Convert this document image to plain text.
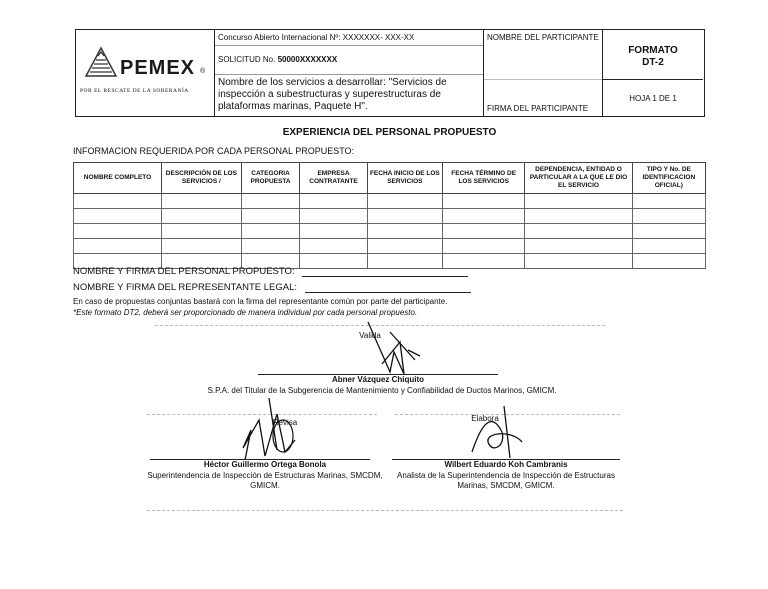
PEMEX ®
POR EL RESCATE DE LA SOBERANÍA
Concurso Abierto Internacional Nº: XXXXXXX- XXX-XX
SOLICITUD No. 50000XXXXXXX
Nombre de los servicios a desarrollar: "Servicios de inspección a subestructuras y superestructuras de plataformas marinas, Paquete H".
NOMBRE DEL PARTICIPANTE
FIRMA DEL PARTICIPANTE
FORMATO
DT-2
HOJA 1 DE 1
EXPERIENCIA DEL PERSONAL PROPUESTO
INFORMACION REQUERIDA POR CADA PERSONAL PROPUESTO:
NOMBRE COMPLETO	DESCRIPCIÓN DE LOS SERVICIOS /	CATEGORIA PROPUESTA	EMPRESA CONTRATANTE	FECHA INICIO DE LOS SERVICIOS	FECHA TÉRMINO DE LOS SERVICIOS	DEPENDENCIA, ENTIDAD O PARTICULAR A LA QUE LE DIO EL SERVICIO	TIPO Y No. DE IDENTIFICACION OFICIAL)

NOMBRE Y FIRMA DEL PERSONAL PROPUESTO:
NOMBRE Y FIRMA DEL REPRESENTANTE LEGAL:
En caso de propuestas conjuntas bastará con la firma del representante común por parte del participante.
*Este formato DT2, deberá ser proporcionado de manera individual por cada personal propuesto.
Valida
Abner Vázquez Chiquito
S.P.A. del Titular de la Subgerencia de Mantenimiento y Confiabilidad de Ductos Marinos, GMICM.
Revisa
Héctor Guillermo Ortega Bonola
Superintendencia de Inspección de Estructuras Marinas, SMCDM, GMICM.
Elabora
Wilbert Eduardo Koh Cambranis
Analista de la Superintendencia de Inspección de Estructuras Marinas, SMCDM, GMICM.
